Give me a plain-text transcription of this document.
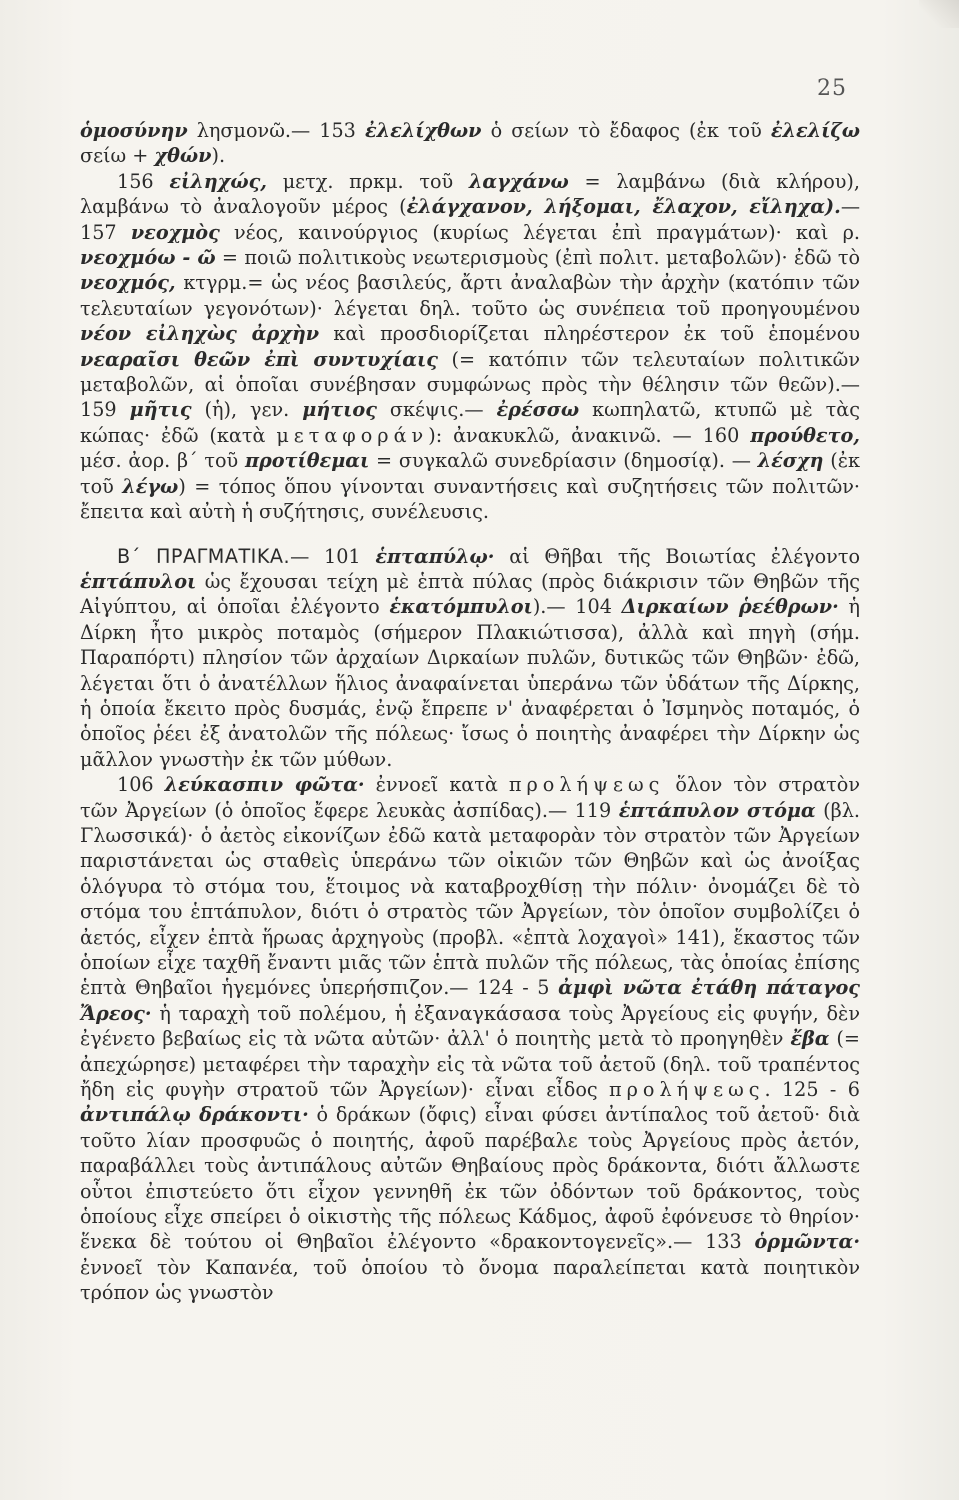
25

ὁμοσύνην λησμονῶ.— 153 ἐλελίχθων ὁ σείων τὸ ἔδαφος (ἐκ τοῦ ἐλελίζω σείω + χθών).

156 εἰληχώς, μετχ. πρκμ. τοῦ λαγχάνω = λαμβάνω (διὰ κλήρου), λαμβάνω τὸ ἀναλογοῦν μέρος (ἐλάγχανον, λήξομαι, ἔλαχον, εἴληχα).— 157 νεοχμὸς νέος, καινούργιος (κυρίως λέγεται ἐπὶ πραγμάτων)· καὶ ρ. νεοχμόω - ῶ = ποιῶ πολιτικοὺς νεωτερισμοὺς (ἐπὶ πολιτ. μεταβολῶν)· ἐδῶ τὸ νεοχμός, κτγρμ.= ὡς νέος βασιλεύς, ἄρτι ἀναλαβὼν τὴν ἀρχὴν (κατόπιν τῶν τελευταίων γεγονότων)· λέγεται δηλ. τοῦτο ὡς συνέπεια τοῦ προηγουμένου νέον εἰληχὼς ἀρχὴν καὶ προσδιορίζεται πληρέστερον ἐκ τοῦ ἑπομένου νεαραῖσι θεῶν ἐπὶ συντυχίαις (= κατόπιν τῶν τελευταίων πολιτικῶν μεταβολῶν, αἱ ὁποῖαι συνέβησαν συμφώνως πρὸς τὴν θέλησιν τῶν θεῶν).— 159 μῆτις (ἡ), γεν. μήτιος σκέψις.— ἐρέσσω κωπηλατῶ, κτυπῶ μὲ τὰς κώπας· ἐδῶ (κατὰ μεταφοράν): ἀνακυκλῶ, ἀνακινῶ. — 160 προύθετο, μέσ. ἀορ. β΄ τοῦ προτίθεμαι = συγκαλῶ συνεδρίασιν (δημοσίᾳ). — λέσχη (ἐκ τοῦ λέγω) = τόπος ὅπου γίνονται συναντήσεις καὶ συζητήσεις τῶν πολιτῶν· ἔπειτα καὶ αὐτὴ ἡ συζήτησις, συνέλευσις.

Β΄ ΠΡΑΓΜΑΤΙΚΑ.— 101 ἑπταπύλῳ· αἱ Θῆβαι τῆς Βοιωτίας ἐλέγοντο ἑπτάπυλοι ὡς ἔχουσαι τείχη μὲ ἑπτὰ πύλας (πρὸς διάκρισιν τῶν Θηβῶν τῆς Αἰγύπτου, αἱ ὁποῖαι ἐλέγοντο ἑκατόμπυλοι).— 104 Διρκαίων ῥεέθρων· ἡ Δίρκη ἦτο μικρὸς ποταμὸς (σήμερον Πλακιώτισσα), ἀλλὰ καὶ πηγὴ (σήμ. Παραπόρτι) πλησίον τῶν ἀρχαίων Διρκαίων πυλῶν, δυτικῶς τῶν Θηβῶν· ἐδῶ, λέγεται ὅτι ὁ ἀνατέλλων ἥλιος ἀναφαίνεται ὑπεράνω τῶν ὑδάτων τῆς Δίρκης, ἡ ὁποία ἔκειτο πρὸς δυσμάς, ἐνῷ ἔπρεπε ν' ἀναφέρεται ὁ Ἰσμηνὸς ποταμός, ὁ ὁποῖος ῥέει ἐξ ἀνατολῶν τῆς πόλεως· ἴσως ὁ ποιητὴς ἀναφέρει τὴν Δίρκην ὡς μᾶλλον γνωστὴν ἐκ τῶν μύθων.

106 λεύκασπιν φῶτα· ἐννοεῖ κατὰ προλήψεως ὅλον τὸν στρατὸν τῶν Ἀργείων (ὁ ὁποῖος ἔφερε λευκὰς ἀσπίδας).— 119 ἑπτάπυλον στόμα (βλ. Γλωσσικά)· ὁ ἀετὸς εἰκονίζων ἐδῶ κατὰ μεταφορὰν τὸν στρατὸν τῶν Ἀργείων παριστάνεται ὡς σταθεὶς ὑπεράνω τῶν οἰκιῶν τῶν Θηβῶν καὶ ὡς ἀνοίξας ὁλόγυρα τὸ στόμα του, ἕτοιμος νὰ καταβροχθίσῃ τὴν πόλιν· ὀνομάζει δὲ τὸ στόμα του ἑπτάπυλον, διότι ὁ στρατὸς τῶν Ἀργείων, τὸν ὁποῖον συμβολίζει ὁ ἀετός, εἶχεν ἑπτὰ ἥρωας ἀρχηγοὺς (προβλ. «ἑπτὰ λοχαγοὶ» 141), ἕκαστος τῶν ὁποίων εἶχε ταχθῆ ἔναντι μιᾶς τῶν ἑπτὰ πυλῶν τῆς πόλεως, τὰς ὁποίας ἐπίσης ἑπτὰ Θηβαῖοι ἡγεμόνες ὑπερήσπιζον.— 124 - 5 ἀμφὶ νῶτα ἐτάθη πάταγος Ἄρεος· ἡ ταραχὴ τοῦ πολέμου, ἡ ἐξαναγκάσασα τοὺς Ἀργείους εἰς φυγήν, δὲν ἐγένετο βεβαίως εἰς τὰ νῶτα αὐτῶν· ἀλλ' ὁ ποιητὴς μετὰ τὸ προηγηθὲν ἔβα (= ἀπεχώρησε) μεταφέρει τὴν ταραχὴν εἰς τὰ νῶτα τοῦ ἀετοῦ (δηλ. τοῦ τραπέντος ἤδη εἰς φυγὴν στρατοῦ τῶν Ἀργείων)· εἶναι εἶδος προλήψεως. 125 - 6 ἀντιπάλῳ δράκοντι· ὁ δράκων (ὄφις) εἶναι φύσει ἀντίπαλος τοῦ ἀετοῦ· διὰ τοῦτο λίαν προσφυῶς ὁ ποιητής, ἀφοῦ παρέβαλε τοὺς Ἀργείους πρὸς ἀετόν, παραβάλλει τοὺς ἀντιπάλους αὐτῶν Θηβαίους πρὸς δράκοντα, διότι ἄλλωστε οὗτοι ἐπιστεύετο ὅτι εἶχον γεννηθῆ ἐκ τῶν ὀδόντων τοῦ δράκοντος, τοὺς ὁποίους εἶχε σπείρει ὁ οἰκιστὴς τῆς πόλεως Κάδμος, ἀφοῦ ἐφόνευσε τὸ θηρίον· ἕνεκα δὲ τούτου οἱ Θηβαῖοι ἐλέγοντο «δρακοντογενεῖς».— 133 ὁρμῶντα· ἐννοεῖ τὸν Καπανέα, τοῦ ὁποίου τὸ ὄνομα παραλείπεται κατὰ ποιητικὸν τρόπον ὡς γνωστὸν
